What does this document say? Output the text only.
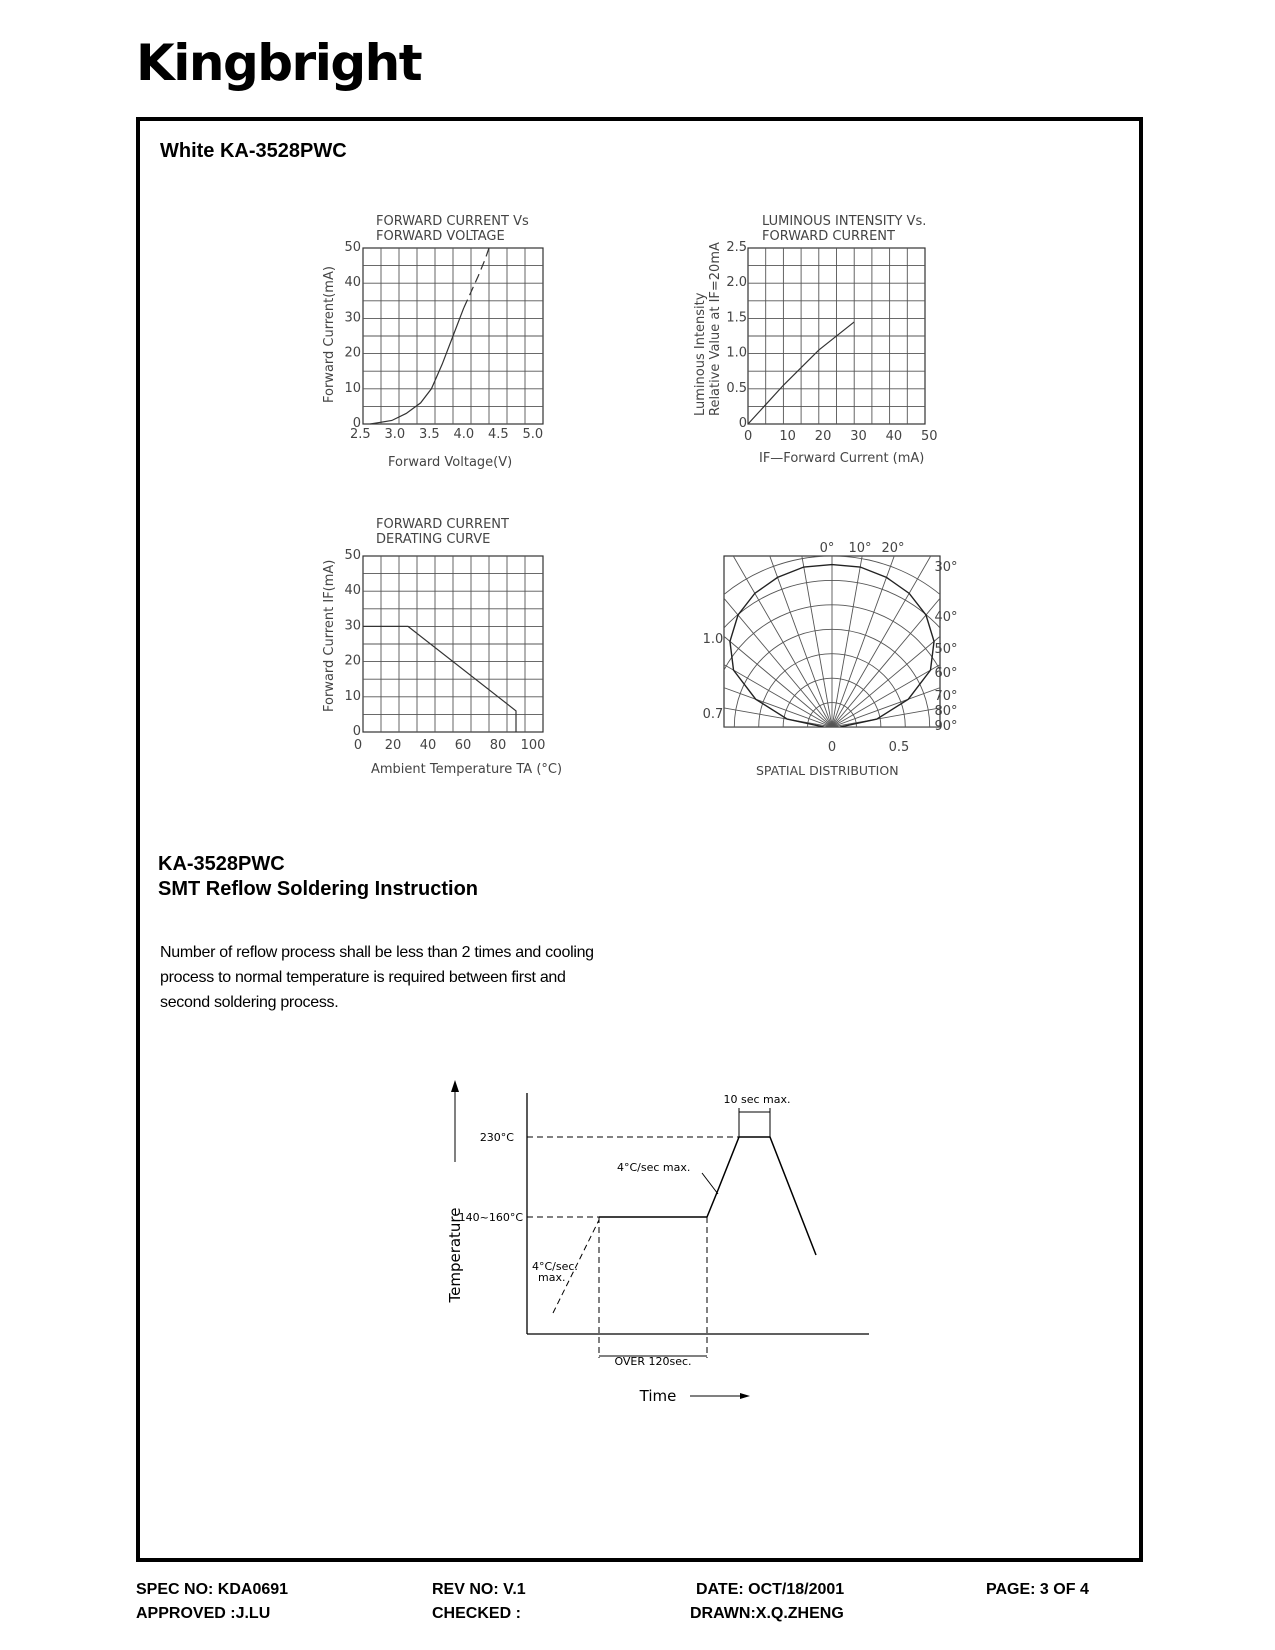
Kingbright
White KA-3528PWC
FORWARD CURRENT Vs
FORWARD VOLTAGE
2.5 3.0 3.5 4.0 4.5 5.0
0
10
20
30
40
50
Forward Voltage(V)
Forward Current(mA)
LUMINOUS INTENSITY Vs.
FORWARD CURRENT
0 10 20 30 40 50
0
0.5
1.0
1.5
2.0
2.5
IF—Forward Current (mA)
Luminous Intensity Relative Value at IF=20mA
FORWARD CURRENT
DERATING CURVE
0 20 40 60 80 100
0
10
20
30
40
50
Ambient Temperature TA (°C)
Forward Current IF(mA)
0° 10° 20°
30°
40°
50°
60°
70°
80°
90°
1.0
0.7
0	0.5
SPATIAL DISTRIBUTION
230°C
140~160°C
10 sec max.
4°C/sec max.
4°C/sec.
max.
OVER 120sec.
Time
Temperature
KA-3528PWC
SMT Reflow Soldering Instruction
Number of reflow process shall be less than 2 times and cooling
process to normal temperature is required between first and
second soldering process.
SPEC NO: KDA0691	REV NO: V.1	DATE: OCT/18/2001	PAGE: 3 OF 4
APPROVED :J.LU	CHECKED :	DRAWN:X.Q.ZHENG
